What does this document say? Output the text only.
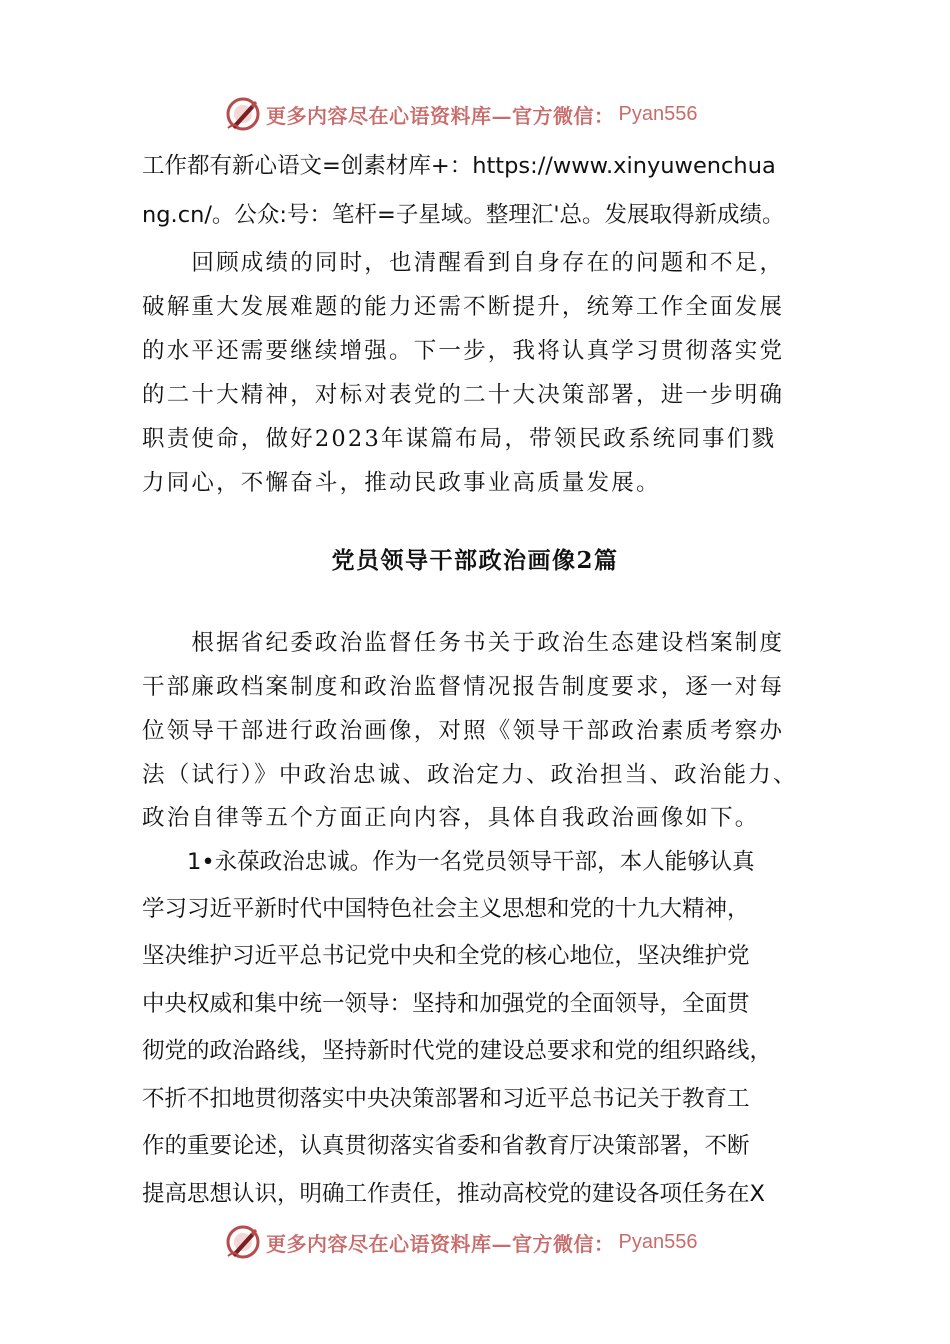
更多内容尽在心语资料库—官方微信： Pyan556
工作都有新心语文=创素材库+：https://www.xinyuwenchua
ng.cn/。公众:号：笔杆=子星域。整理汇'总。发展取得新成绩。
　　回顾成绩的同时，也清醒看到自身存在的问题和不足，
破解重大发展难题的能力还需不断提升，统筹工作全面发展
的水平还需要继续增强。下一步，我将认真学习贯彻落实党
的二十大精神，对标对表党的二十大决策部署，进一步明确
职责使命，做好2023年谋篇布局，带领民政系统同事们戮
力同心，不懈奋斗，推动民政事业高质量发展。
党员领导干部政治画像2篇
　　根据省纪委政治监督任务书关于政治生态建设档案制度
干部廉政档案制度和政治监督情况报告制度要求，逐一对每
位领导干部进行政治画像，对照《领导干部政治素质考察办
法（试行）》中政治忠诚、政治定力、政治担当、政治能力、
政治自律等五个方面正向内容，具体自我政治画像如下。
　　1•永葆政治忠诚。作为一名党员领导干部，本人能够认真
学习习近平新时代中国特色社会主义思想和党的十九大精神，
坚决维护习近平总书记党中央和全党的核心地位，坚决维护党
中央权威和集中统一领导：坚持和加强党的全面领导，全面贯
彻党的政治路线，坚持新时代党的建设总要求和党的组织路线，
不折不扣地贯彻落实中央决策部署和习近平总书记关于教育工
作的重要论述，认真贯彻落实省委和省教育厅决策部署，不断
提高思想认识，明确工作责任，推动高校党的建设各项任务在X
更多内容尽在心语资料库—官方微信： Pyan556
